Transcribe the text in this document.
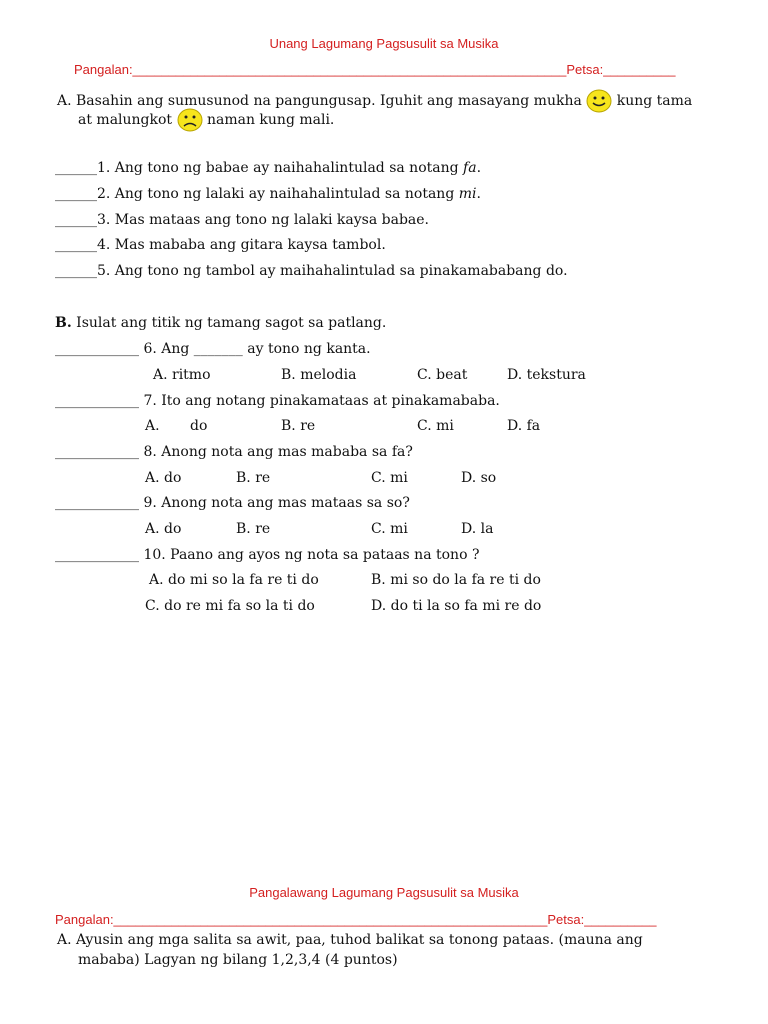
Unang Lagumang Pagsusulit sa Musika
Pangalan:____________________________________________________________Petsa:__________
A. Basahin ang sumusunod na pangungusap. Iguhit ang masayang mukha kung tama
at malungkot naman kung mali.
______1. Ang tono ng babae ay naihahalintulad sa notang fa.
______2. Ang tono ng lalaki ay naihahalintulad sa notang mi.
______3. Mas mataas ang tono ng lalaki kaysa babae.
______4. Mas mababa ang gitara kaysa tambol.
______5. Ang tono ng tambol ay maihahalintulad sa pinakamababang do.
B. Isulat ang titik ng tamang sagot sa patlang.
____________ 6. Ang _______ ay tono ng kanta.
A. ritmo	B. melodia	C. beat	D. tekstura
____________ 7. Ito ang notang pinakamataas at pinakamababa.
A. do	B. re	C. mi	D. fa
____________ 8. Anong nota ang mas mababa sa fa?
A. do	B. re	C. mi	D. so
____________ 9. Anong nota ang mas mataas sa so?
A. do	B. re	C. mi	D. la
____________ 10. Paano ang ayos ng nota sa pataas na tono ?
A. do mi so la fa re ti do	B. mi so do la fa re ti do
C. do re mi fa so la ti do	D. do ti la so fa mi re do
Pangalawang Lagumang Pagsusulit sa Musika
Pangalan:____________________________________________________________Petsa:__________
A. Ayusin ang mga salita sa awit, paa, tuhod balikat sa tonong pataas. (mauna ang
mababa) Lagyan ng bilang 1,2,3,4 (4 puntos)
